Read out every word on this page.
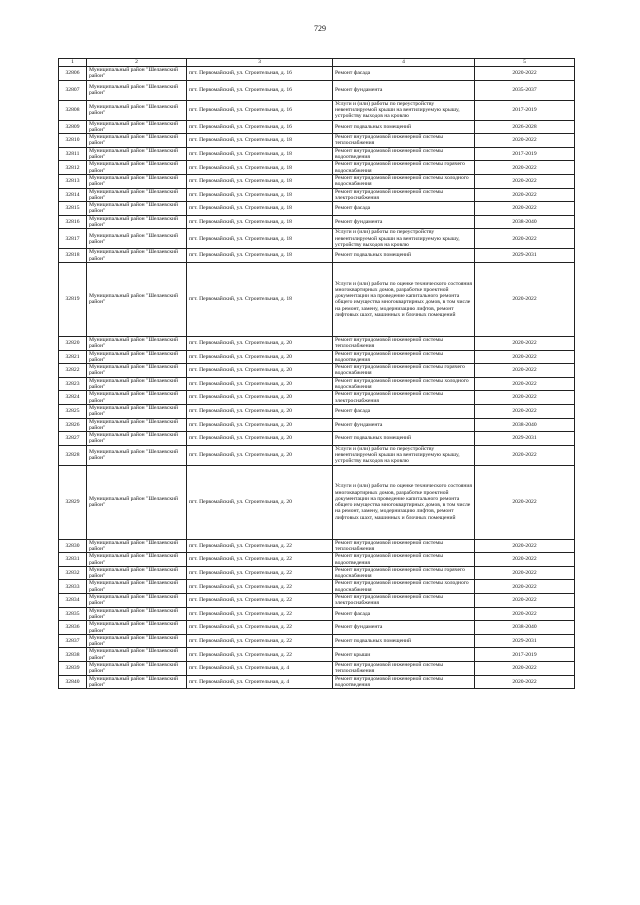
729
1	2	3	4	5
32806	Муниципальный район "Шелаевский район"	пгт. Первомайский, ул. Строительная, д. 16	Ремонт фасада	2020-2022
32807	Муниципальный район "Шелаевский район"	пгт. Первомайский, ул. Строительная, д. 16	Ремонт фундамента	2035-2037
32808	Муниципальный район "Шелаевский район"	пгт. Первомайский, ул. Строительная, д. 16	Услуги и (или) работы по переустройству невентилируемой крыши на вентилируемую крышу, устройству выходов на кровлю	2017-2019
32809	Муниципальный район "Шелаевский район"	пгт. Первомайский, ул. Строительная, д. 16	Ремонт подвальных помещений	2026-2028
32810	Муниципальный район "Шелаевский район"	пгт. Первомайский, ул. Строительная, д. 18	Ремонт внутридомовой инженерной системы теплоснабжения	2020-2022
32811	Муниципальный район "Шелаевский район"	пгт. Первомайский, ул. Строительная, д. 18	Ремонт внутридомовой инженерной системы водоотведения	2017-2019
32812	Муниципальный район "Шелаевский район"	пгт. Первомайский, ул. Строительная, д. 18	Ремонт внутридомовой инженерной системы горячего водоснабжения	2020-2022
32813	Муниципальный район "Шелаевский район"	пгт. Первомайский, ул. Строительная, д. 18	Ремонт внутридомовой инженерной системы холодного водоснабжения	2020-2022
32814	Муниципальный район "Шелаевский район"	пгт. Первомайский, ул. Строительная, д. 18	Ремонт внутридомовой инженерной системы электроснабжения	2020-2022
32815	Муниципальный район "Шелаевский район"	пгт. Первомайский, ул. Строительная, д. 18	Ремонт фасада	2020-2022
32816	Муниципальный район "Шелаевский район"	пгт. Первомайский, ул. Строительная, д. 18	Ремонт фундамента	2038-2040
32817	Муниципальный район "Шелаевский район"	пгт. Первомайский, ул. Строительная, д. 18	Услуги и (или) работы по переустройству невентилируемой крыши на вентилируемую крышу, устройству выходов на кровлю	2020-2022
32818	Муниципальный район "Шелаевский район"	пгт. Первомайский, ул. Строительная, д. 18	Ремонт подвальных помещений	2029-2031
32819	Муниципальный район "Шелаевский район"	пгт. Первомайский, ул. Строительная, д. 18	Услуги и (или) работы по оценке технического состояния многоквартирных домов, разработке проектной документации на проведение капитального ремонта общего имущества многоквартирных домов, в том числе на ремонт, замену, модернизацию лифтов, ремонт лифтовых шахт, машинных и блочных помещений	2020-2022
32820	Муниципальный район "Шелаевский район"	пгт. Первомайский, ул. Строительная, д. 20	Ремонт внутридомовой инженерной системы теплоснабжения	2020-2022
32821	Муниципальный район "Шелаевский район"	пгт. Первомайский, ул. Строительная, д. 20	Ремонт внутридомовой инженерной системы водоотведения	2020-2022
32822	Муниципальный район "Шелаевский район"	пгт. Первомайский, ул. Строительная, д. 20	Ремонт внутридомовой инженерной системы горячего водоснабжения	2020-2022
32823	Муниципальный район "Шелаевский район"	пгт. Первомайский, ул. Строительная, д. 20	Ремонт внутридомовой инженерной системы холодного водоснабжения	2020-2022
32824	Муниципальный район "Шелаевский район"	пгт. Первомайский, ул. Строительная, д. 20	Ремонт внутридомовой инженерной системы электроснабжения	2020-2022
32825	Муниципальный район "Шелаевский район"	пгт. Первомайский, ул. Строительная, д. 20	Ремонт фасада	2020-2022
32826	Муниципальный район "Шелаевский район"	пгт. Первомайский, ул. Строительная, д. 20	Ремонт фундамента	2038-2040
32827	Муниципальный район "Шелаевский район"	пгт. Первомайский, ул. Строительная, д. 20	Ремонт подвальных помещений	2029-2031
32828	Муниципальный район "Шелаевский район"	пгт. Первомайский, ул. Строительная, д. 20	Услуги и (или) работы по переустройству невентилируемой крыши на вентилируемую крышу, устройству выходов на кровлю	2020-2022
32829	Муниципальный район "Шелаевский район"	пгт. Первомайский, ул. Строительная, д. 20	Услуги и (или) работы по оценке технического состояния многоквартирных домов, разработке проектной документации на проведение капитального ремонта общего имущества многоквартирных домов, в том числе на ремонт, замену, модернизацию лифтов, ремонт лифтовых шахт, машинных и блочных помещений	2020-2022
32830	Муниципальный район "Шелаевский район"	пгт. Первомайский, ул. Строительная, д. 22	Ремонт внутридомовой инженерной системы теплоснабжения	2020-2022
32831	Муниципальный район "Шелаевский район"	пгт. Первомайский, ул. Строительная, д. 22	Ремонт внутридомовой инженерной системы водоотведения	2020-2022
32832	Муниципальный район "Шелаевский район"	пгт. Первомайский, ул. Строительная, д. 22	Ремонт внутридомовой инженерной системы горячего водоснабжения	2020-2022
32833	Муниципальный район "Шелаевский район"	пгт. Первомайский, ул. Строительная, д. 22	Ремонт внутридомовой инженерной системы холодного водоснабжения	2020-2022
32834	Муниципальный район "Шелаевский район"	пгт. Первомайский, ул. Строительная, д. 22	Ремонт внутридомовой инженерной системы электроснабжения	2020-2022
32835	Муниципальный район "Шелаевский район"	пгт. Первомайский, ул. Строительная, д. 22	Ремонт фасада	2020-2022
32836	Муниципальный район "Шелаевский район"	пгт. Первомайский, ул. Строительная, д. 22	Ремонт фундамента	2038-2040
32837	Муниципальный район "Шелаевский район"	пгт. Первомайский, ул. Строительная, д. 22	Ремонт подвальных помещений	2029-2031
32838	Муниципальный район "Шелаевский район"	пгт. Первомайский, ул. Строительная, д. 22	Ремонт крыши	2017-2019
32839	Муниципальный район "Шелаевский район"	пгт. Первомайский, ул. Строительная, д. 4	Ремонт внутридомовой инженерной системы теплоснабжения	2020-2022
32840	Муниципальный район "Шелаевский район"	пгт. Первомайский, ул. Строительная, д. 4	Ремонт внутридомовой инженерной системы водоотведения	2020-2022
